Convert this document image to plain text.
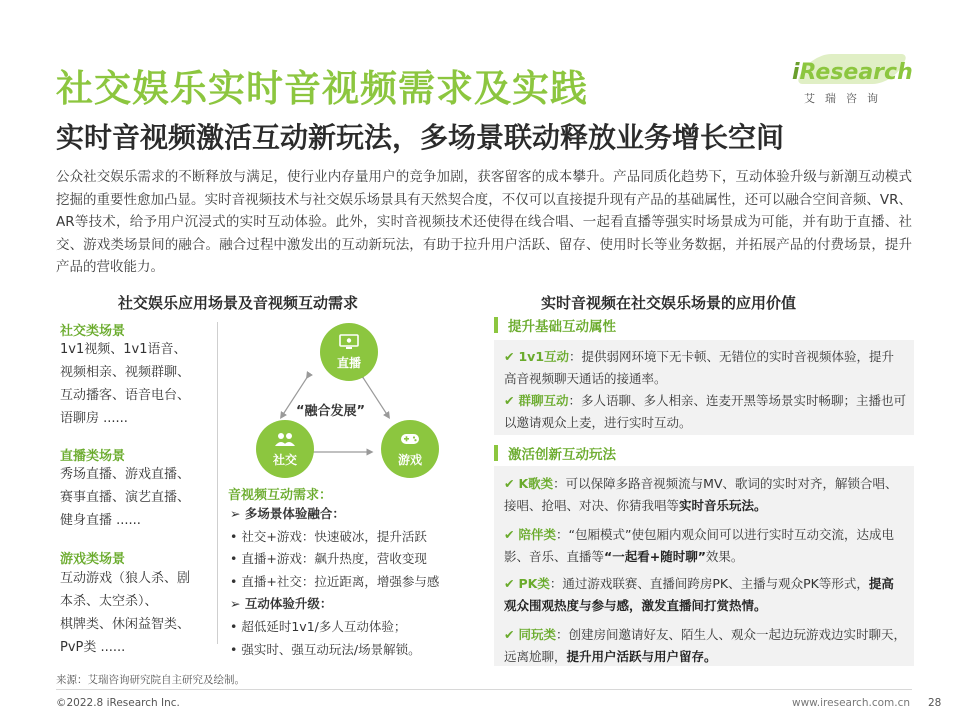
社交娱乐实时音视频需求及实践
实时音视频激活互动新玩法，多场景联动释放业务增长空间
iResearch
艾瑞咨询
公众社交娱乐需求的不断释放与满足，使行业内存量用户的竞争加剧，获客留客的成本攀升。产品同质化趋势下，互动体验升级与新潮互动模式挖掘的重要性愈加凸显。实时音视频技术与社交娱乐场景具有天然契合度，不仅可以直接提升现有产品的基础属性，还可以融合空间音频、VR、AR等技术，给予用户沉浸式的实时互动体验。此外，实时音视频技术还使得在线合唱、一起看直播等强实时场景成为可能，并有助于直播、社交、游戏类场景间的融合。融合过程中激发出的互动新玩法，有助于拉升用户活跃、留存、使用时长等业务数据，并拓展产品的付费场景，提升产品的营收能力。
社交娱乐应用场景及音视频互动需求
社交类场景
1v1视频、1v1语音、
视频相亲、视频群聊、
互动播客、语音电台、
语聊房 ......
直播类场景
秀场直播、游戏直播、
赛事直播、演艺直播、
健身直播 ......
游戏类场景
互动游戏（狼人杀、剧
本杀、太空杀）、
棋牌类、休闲益智类、
PvP类 ......
直播
社交	游戏
“融合发展”
音视频互动需求：
➢ 多场景体验融合：
• 社交+游戏：快速破冰，提升活跃
• 直播+游戏：飙升热度，营收变现
• 直播+社交：拉近距离，增强参与感
➢ 互动体验升级：
• 超低延时1v1/多人互动体验；
• 强实时、强互动玩法/场景解锁。
实时音视频在社交娱乐场景的应用价值
提升基础互动属性
✔ 1v1互动：提供弱网环境下无卡顿、无错位的实时音视频体验，提升高音视频聊天通话的接通率。
✔ 群聊互动：多人语聊、多人相亲、连麦开黑等场景实时畅聊；主播也可以邀请观众上麦，进行实时互动。
激活创新互动玩法
✔ K歌类：可以保障多路音视频流与MV、歌词的实时对齐，解锁合唱、接唱、抢唱、对决、你猜我唱等实时音乐玩法。
✔ 陪伴类：“包厢模式”使包厢内观众间可以进行实时互动交流，达成电影、音乐、直播等“一起看+随时聊”效果。
✔ PK类：通过游戏联赛、直播间跨房PK、主播与观众PK等形式，提高观众围观热度与参与感，激发直播间打赏热情。
✔ 同玩类：创建房间邀请好友、陌生人、观众一起边玩游戏边实时聊天，远离尬聊，提升用户活跃与用户留存。
来源：艾瑞咨询研究院自主研究及绘制。
©2022.8 iResearch Inc.	www.iresearch.com.cn 28
